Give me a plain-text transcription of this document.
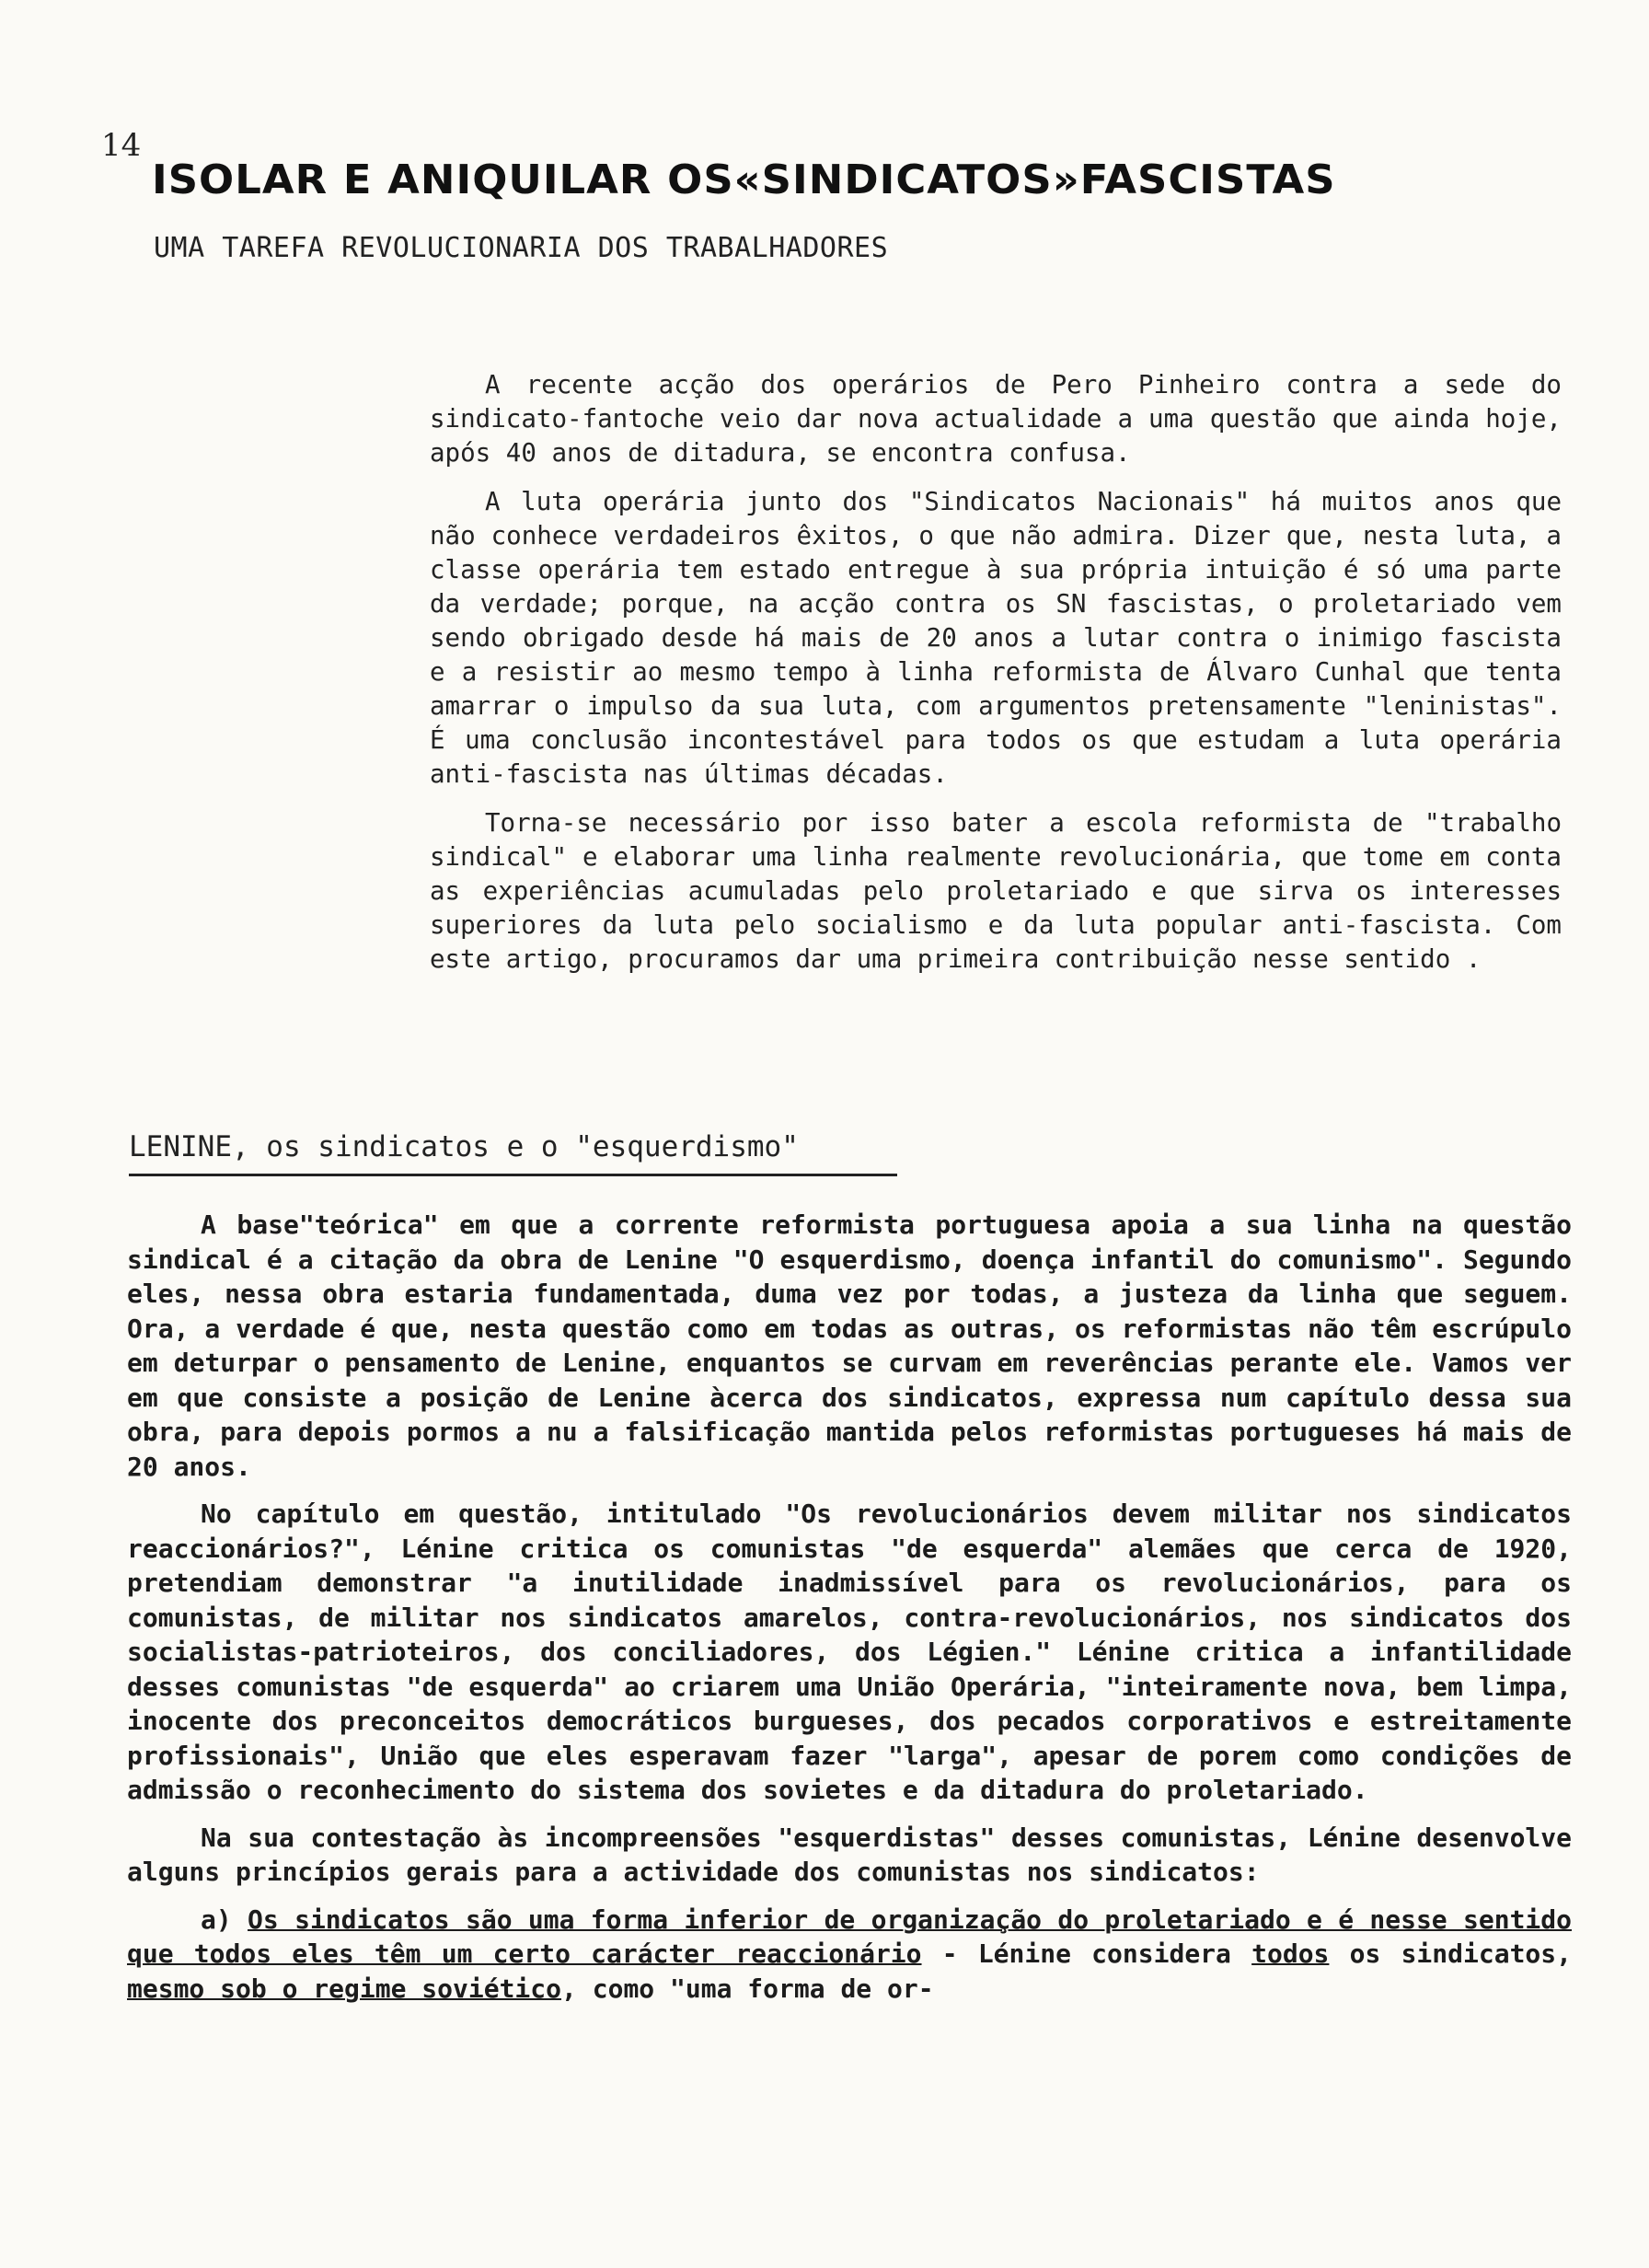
14
ISOLAR E ANIQUILAR OS«SINDICATOS»FASCISTAS
UMA TAREFA REVOLUCIONARIA DOS TRABALHADORES

A recente acção dos operários de Pero Pinheiro contra a sede do sindicato-fantoche veio dar nova actualidade a uma questão que ainda hoje, após 40 anos de ditadura, se encontra confusa.

A luta operária junto dos "Sindicatos Nacionais" há muitos anos que não conhece verdadeiros êxitos, o que não admira. Dizer que, nesta luta, a classe operária tem estado entregue à sua própria intuição é só uma parte da verdade; porque, na acção contra os SN fascistas, o proletariado vem sendo obrigado desde há mais de 20 anos a lutar contra o inimigo fascista e a resistir ao mesmo tempo à linha reformista de Álvaro Cunhal que tenta amarrar o impulso da sua luta, com argumentos pretensamente "leninistas". É uma conclusão incontestável para todos os que estudam a luta operária anti-fascista nas últimas décadas.

Torna-se necessário por isso bater a escola reformista de "trabalho sindical" e elaborar uma linha realmente revolucionária, que tome em conta as experiências acumuladas pelo proletariado e que sirva os interesses superiores da luta pelo socialismo e da luta popular anti-fascista. Com este artigo, procuramos dar uma primeira contribuição nesse sentido .

LENINE, os sindicatos e o "esquerdismo"

A base"teórica" em que a corrente reformista portuguesa apoia a sua linha na questão sindical é a citação da obra de Lenine "O esquerdismo, doença infantil do comunismo". Segundo eles, nessa obra estaria fundamentada, duma vez por todas, a justeza da linha que seguem. Ora, a verdade é que, nesta questão como em todas as outras, os reformistas não têm escrúpulo em deturpar o pensamento de Lenine, enquantos se curvam em reverências perante ele. Vamos ver em que consiste a posição de Lenine àcerca dos sindicatos, expressa num capítulo dessa sua obra, para depois pormos a nu a falsificação mantida pelos reformistas portugueses há mais de 20 anos.

No capítulo em questão, intitulado "Os revolucionários devem militar nos sindicatos reaccionários?", Lénine critica os comunistas "de esquerda" alemães que cerca de 1920, pretendiam demonstrar "a inutilidade inadmissível para os revolucionários, para os comunistas, de militar nos sindicatos amarelos, contra-revolucionários, nos sindicatos dos socialistas-patrioteiros, dos conciliadores, dos Légien." Lénine critica a infantilidade desses comunistas "de esquerda" ao criarem uma União Operária, "inteiramente nova, bem limpa, inocente dos preconceitos democráticos burgueses, dos pecados corporativos e estreitamente profissionais", União que eles esperavam fazer "larga", apesar de porem como condições de admissão o reconhecimento do sistema dos sovietes e da ditadura do proletariado.

Na sua contestação às incompreensões "esquerdistas" desses comunistas, Lénine desenvolve alguns princípios gerais para a actividade dos comunistas nos sindicatos:

a) Os sindicatos são uma forma inferior de organização do proletariado e é nesse sentido que todos eles têm um certo carácter reaccionário - Lénine considera todos os sindicatos, mesmo sob o regime soviético, como "uma forma de or-
